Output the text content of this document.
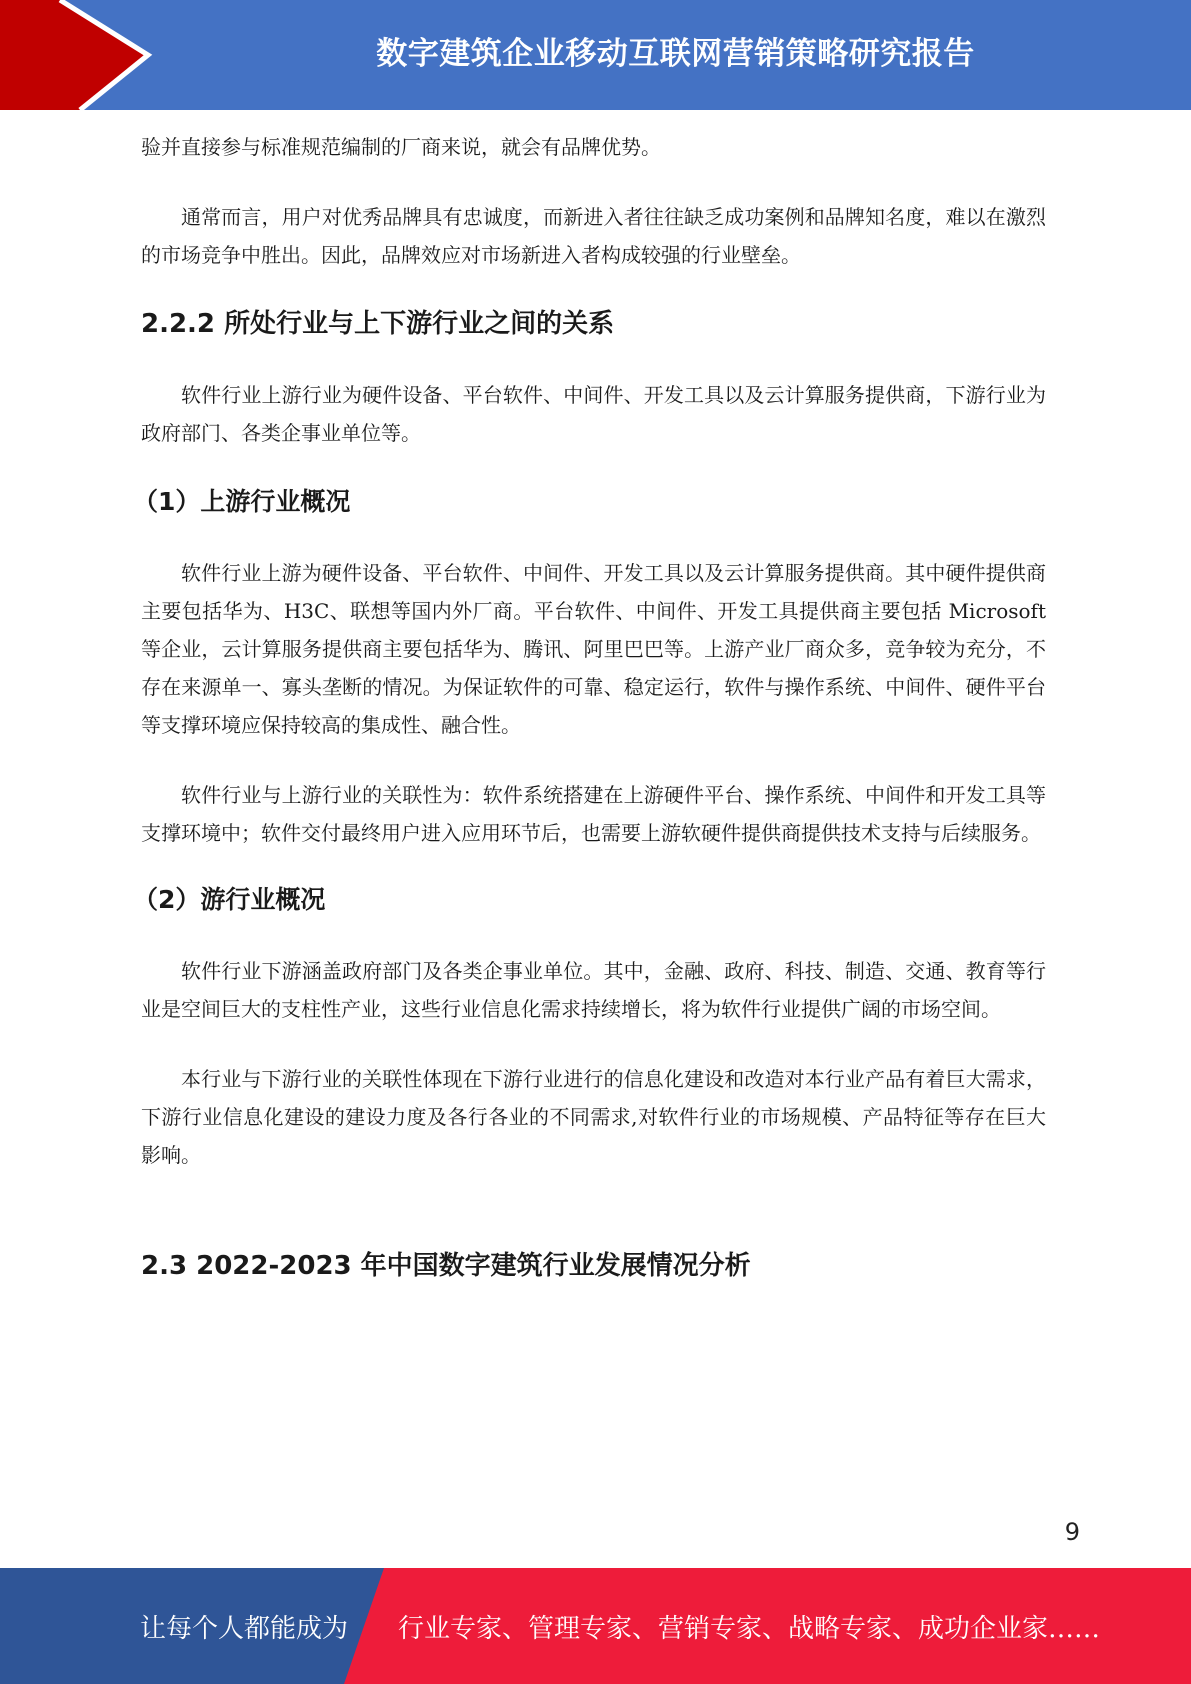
数字建筑企业移动互联网营销策略研究报告

验并直接参与标准规范编制的厂商来说，就会有品牌优势。

通常而言，用户对优秀品牌具有忠诚度，而新进入者往往缺乏成功案例和品牌知名度，难以在激烈的市场竞争中胜出。因此，品牌效应对市场新进入者构成较强的行业壁垒。

2.2.2 所处行业与上下游行业之间的关系

软件行业上游行业为硬件设备、平台软件、中间件、开发工具以及云计算服务提供商，下游行业为政府部门、各类企事业单位等。

（1）上游行业概况

软件行业上游为硬件设备、平台软件、中间件、开发工具以及云计算服务提供商。其中硬件提供商主要包括华为、H3C、联想等国内外厂商。平台软件、中间件、开发工具提供商主要包括 Microsoft 等企业，云计算服务提供商主要包括华为、腾讯、阿里巴巴等。上游产业厂商众多，竞争较为充分，不存在来源单一、寡头垄断的情况。为保证软件的可靠、稳定运行，软件与操作系统、中间件、硬件平台等支撑环境应保持较高的集成性、融合性。

软件行业与上游行业的关联性为：软件系统搭建在上游硬件平台、操作系统、中间件和开发工具等支撑环境中；软件交付最终用户进入应用环节后，也需要上游软硬件提供商提供技术支持与后续服务。

（2）游行业概况

软件行业下游涵盖政府部门及各类企事业单位。其中，金融、政府、科技、制造、交通、教育等行业是空间巨大的支柱性产业，这些行业信息化需求持续增长，将为软件行业提供广阔的市场空间。

本行业与下游行业的关联性体现在下游行业进行的信息化建设和改造对本行业产品有着巨大需求，下游行业信息化建设的建设力度及各行各业的不同需求,对软件行业的市场规模、产品特征等存在巨大影响。

2.3 2022-2023 年中国数字建筑行业发展情况分析
9
让每个人都能成为 行业专家、管理专家、营销专家、战略专家、成功企业家……
